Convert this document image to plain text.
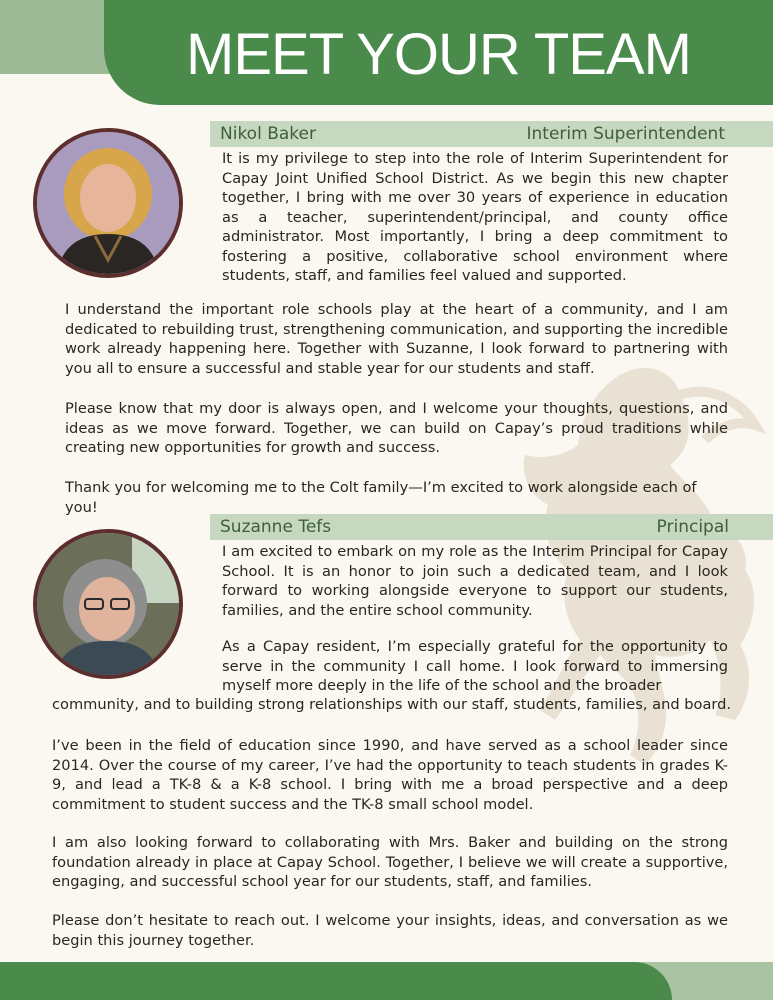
MEET YOUR TEAM
Nikol Baker	Interim Superintendent

It is my privilege to step into the role of Interim Superintendent for Capay Joint Unified School District. As we begin this new chapter together, I bring with me over 30 years of experience in education as a teacher, superintendent/principal, and county office administrator. Most importantly, I bring a deep commitment to fostering a positive, collaborative school environment where students, staff, and families feel valued and supported.

I understand the important role schools play at the heart of a community, and I am dedicated to rebuilding trust, strengthening communication, and supporting the incredible work already happening here. Together with Suzanne, I look forward to partnering with you all to ensure a successful and stable year for our students and staff.

Please know that my door is always open, and I welcome your thoughts, questions, and ideas as we move forward. Together, we can build on Capay’s proud traditions while creating new opportunities for growth and success.

Thank you for welcoming me to the Colt family—I’m excited to work alongside each of you!

Suzanne Tefs	Principal

I am excited to embark on my role as the Interim Principal for Capay School. It is an honor to join such a dedicated team, and I look forward to working alongside everyone to support our students, families, and the entire school community.

As a Capay resident, I’m especially grateful for the opportunity to serve in the community I call home. I look forward to immersing myself more deeply in the life of the school and the broader

community, and to building strong relationships with our staff, students, families, and board.

I’ve been in the field of education since 1990, and have served as a school leader since 2014. Over the course of my career, I’ve had the opportunity to teach students in grades K-9, and lead a TK-8 & a K-8 school. I bring with me a broad perspective and a deep commitment to student success and the TK-8 small school model.

I am also looking forward to collaborating with Mrs. Baker and building on the strong foundation already in place at Capay School. Together, I believe we will create a supportive, engaging, and successful school year for our students, staff, and families.

Please don’t hesitate to reach out. I welcome your insights, ideas, and conversation as we begin this journey together.
